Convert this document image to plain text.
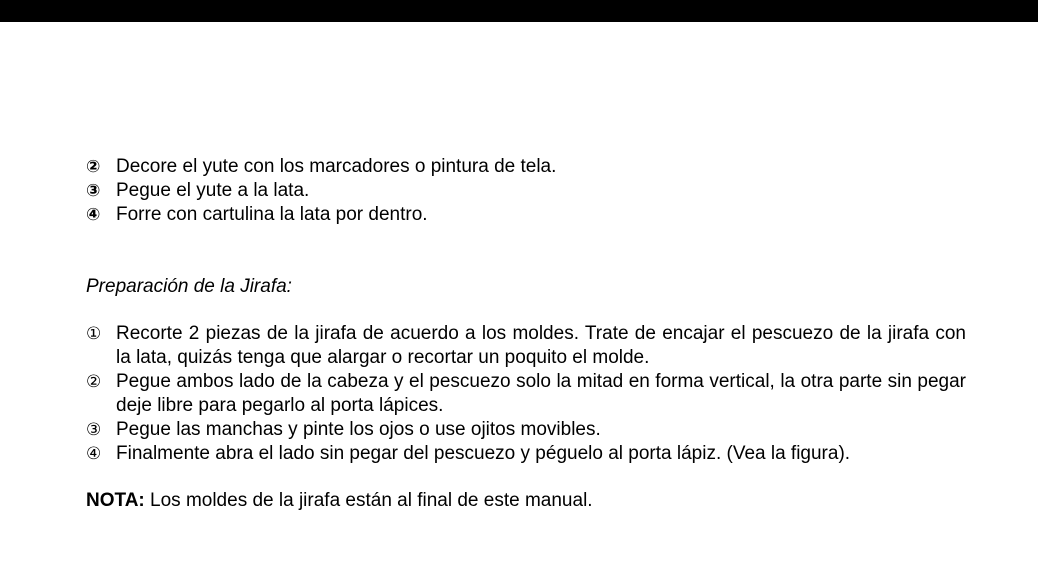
② Decore el yute con los marcadores o pintura de tela.
③ Pegue el yute a la lata.
④ Forre con cartulina la lata por dentro.
Preparación de la Jirafa:
① Recorte 2 piezas de la jirafa de acuerdo a los moldes. Trate de encajar el pescuezo de la jirafa con la lata, quizás tenga que alargar o recortar un poquito el molde.
② Pegue ambos lado de la cabeza y el pescuezo solo la mitad en forma vertical, la otra parte sin pegar deje libre para pegarlo al porta lápices.
③ Pegue las manchas y pinte los ojos o use ojitos movibles.
④ Finalmente abra el lado sin pegar del pescuezo y péguelo al porta lápiz. (Vea la figura).
NOTA: Los moldes de la jirafa están al final de este manual.
